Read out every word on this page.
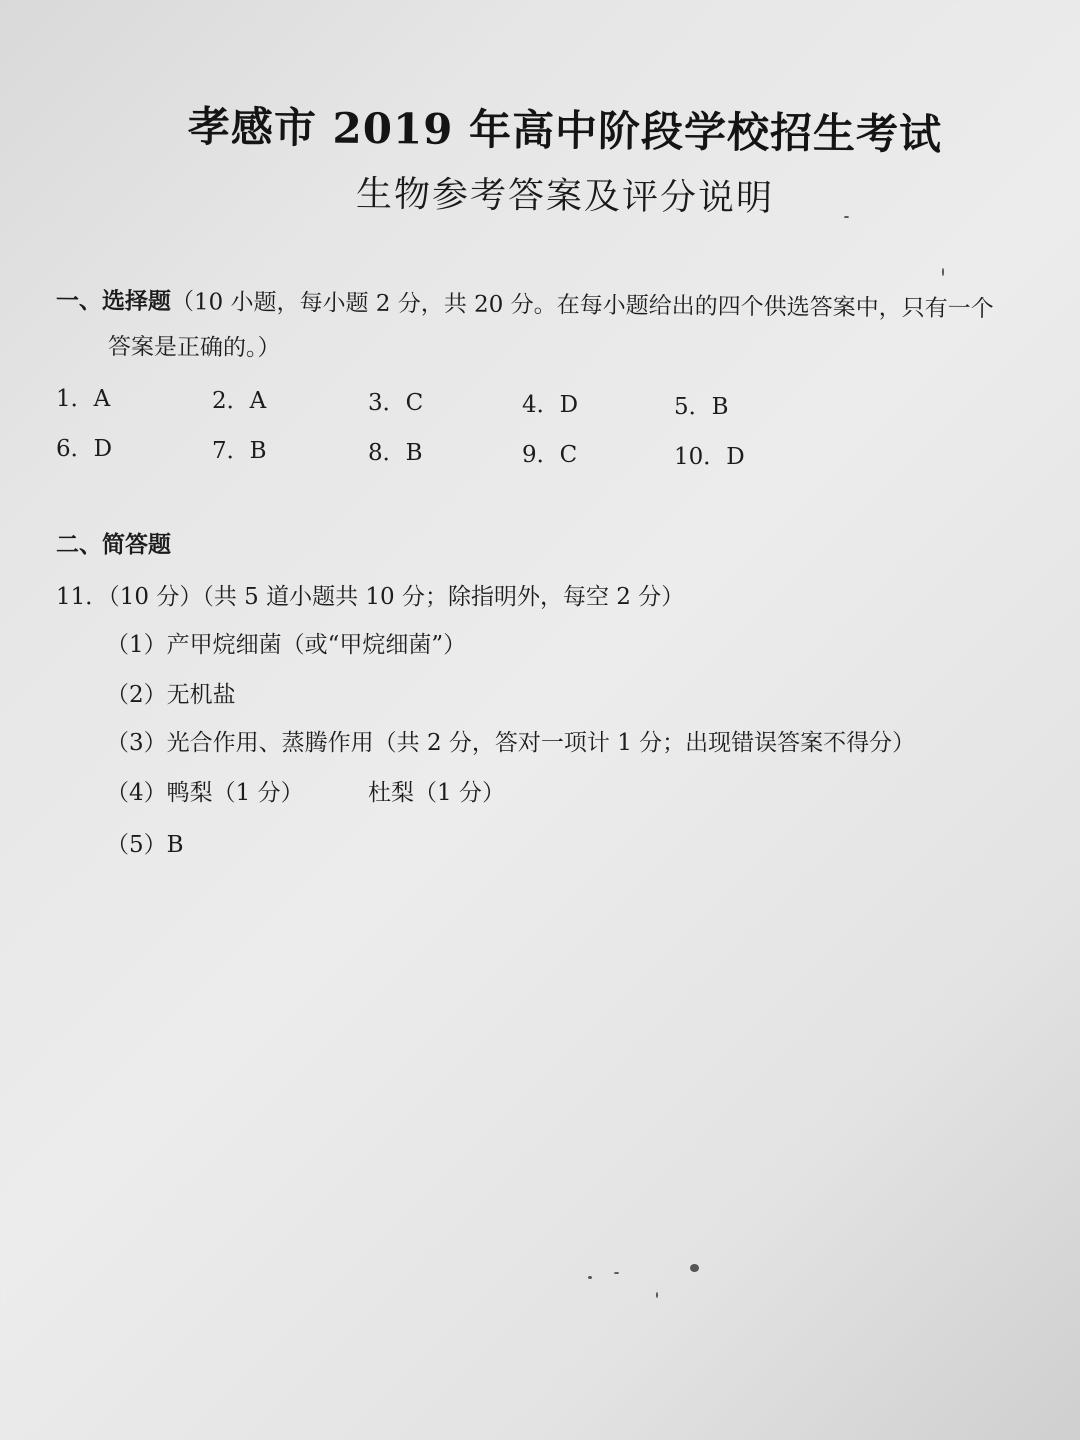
孝感市 2019 年高中阶段学校招生考试
生物参考答案及评分说明
一、选择题（10 小题，每小题 2 分，共 20 分。在每小题给出的四个供选答案中，只有一个
答案是正确的。）
1．A	2．A	3．C	4．D	5．B
6．D	7．B	8．B	9．C	10．D
二、简答题
11．（10 分）（共 5 道小题共 10 分；除指明外，每空 2 分）
（1）产甲烷细菌（或“甲烷细菌”）
（2）无机盐
（3）光合作用、蒸腾作用（共 2 分，答对一项计 1 分；出现错误答案不得分）
（4）鸭梨（1 分）	杜梨（1 分）
（5）B
